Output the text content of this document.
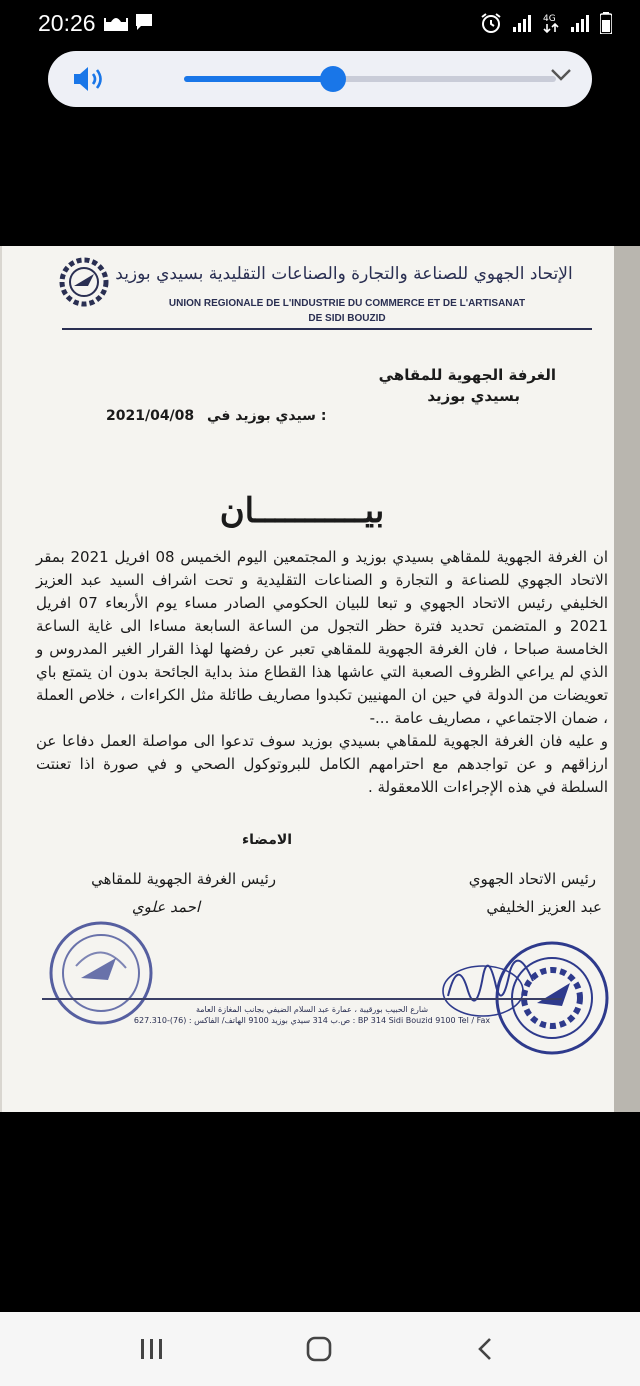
20:26	4G
الإتحاد الجهوي للصناعة والتجارة والصناعات التقليدية بسيدي بوزيد
UNION REGIONALE DE L'INDUSTRIE DU COMMERCE ET DE L'ARTISANAT
DE SIDI BOUZID
الغرفة الجهوية للمقاهي
بسيدي بوزيد
2021/04/08 سيدي بوزيد في :
بيـــــــــــان

ان الغرفة الجهوية للمقاهي بسيدي بوزيد و المجتمعين اليوم الخميس 08 افريل 2021 بمقر الاتحاد الجهوي للصناعة و التجارة و الصناعات التقليدية و تحت اشراف السيد عبد العزيز الخليفي رئيس الاتحاد الجهوي و تبعا للبيان الحكومي الصادر مساء يوم الأربعاء 07 افريل 2021 و المتضمن تحديد فترة حظر التجول من الساعة السابعة مساءا الى غاية الساعة الخامسة صباحا ، فان الغرفة الجهوية للمقاهي تعبر عن رفضها لهذا القرار الغير المدروس و الذي لم يراعي الظروف الصعبة التي عاشها هذا القطاع منذ بداية الجائحة بدون ان يتمتع باي تعويضات من الدولة في حين ان المهنيين تكبدوا مصاريف طائلة مثل الكراءات ، خلاص العملة ، ضمان الاجتماعي ، مصاريف عامة ...-

و عليه فان الغرفة الجهوية للمقاهي بسيدي بوزيد سوف تدعوا الى مواصلة العمل دفاعا عن ارزاقهم و عن تواجدهم مع احترامهم الكامل للبروتوكول الصحي و في صورة اذا تعنتت السلطة في هذه الإجراءات اللامعقولة .

الامضاء
رئيس الغرفة الجهوية للمقاهي
احمد علوي
رئيس الاتحاد الجهوي
عبد العزيز الخليفي
شارع الحبيب بورقيبة ، عمارة عبد السلام الضيفي بجانب المغازة العامة
ص.ب 314 سيدي بوزيد 9100 الهاتف/ الفاكس : (76)-627.310 : BP 314 Sidi Bouzid 9100 Tel / Fax
